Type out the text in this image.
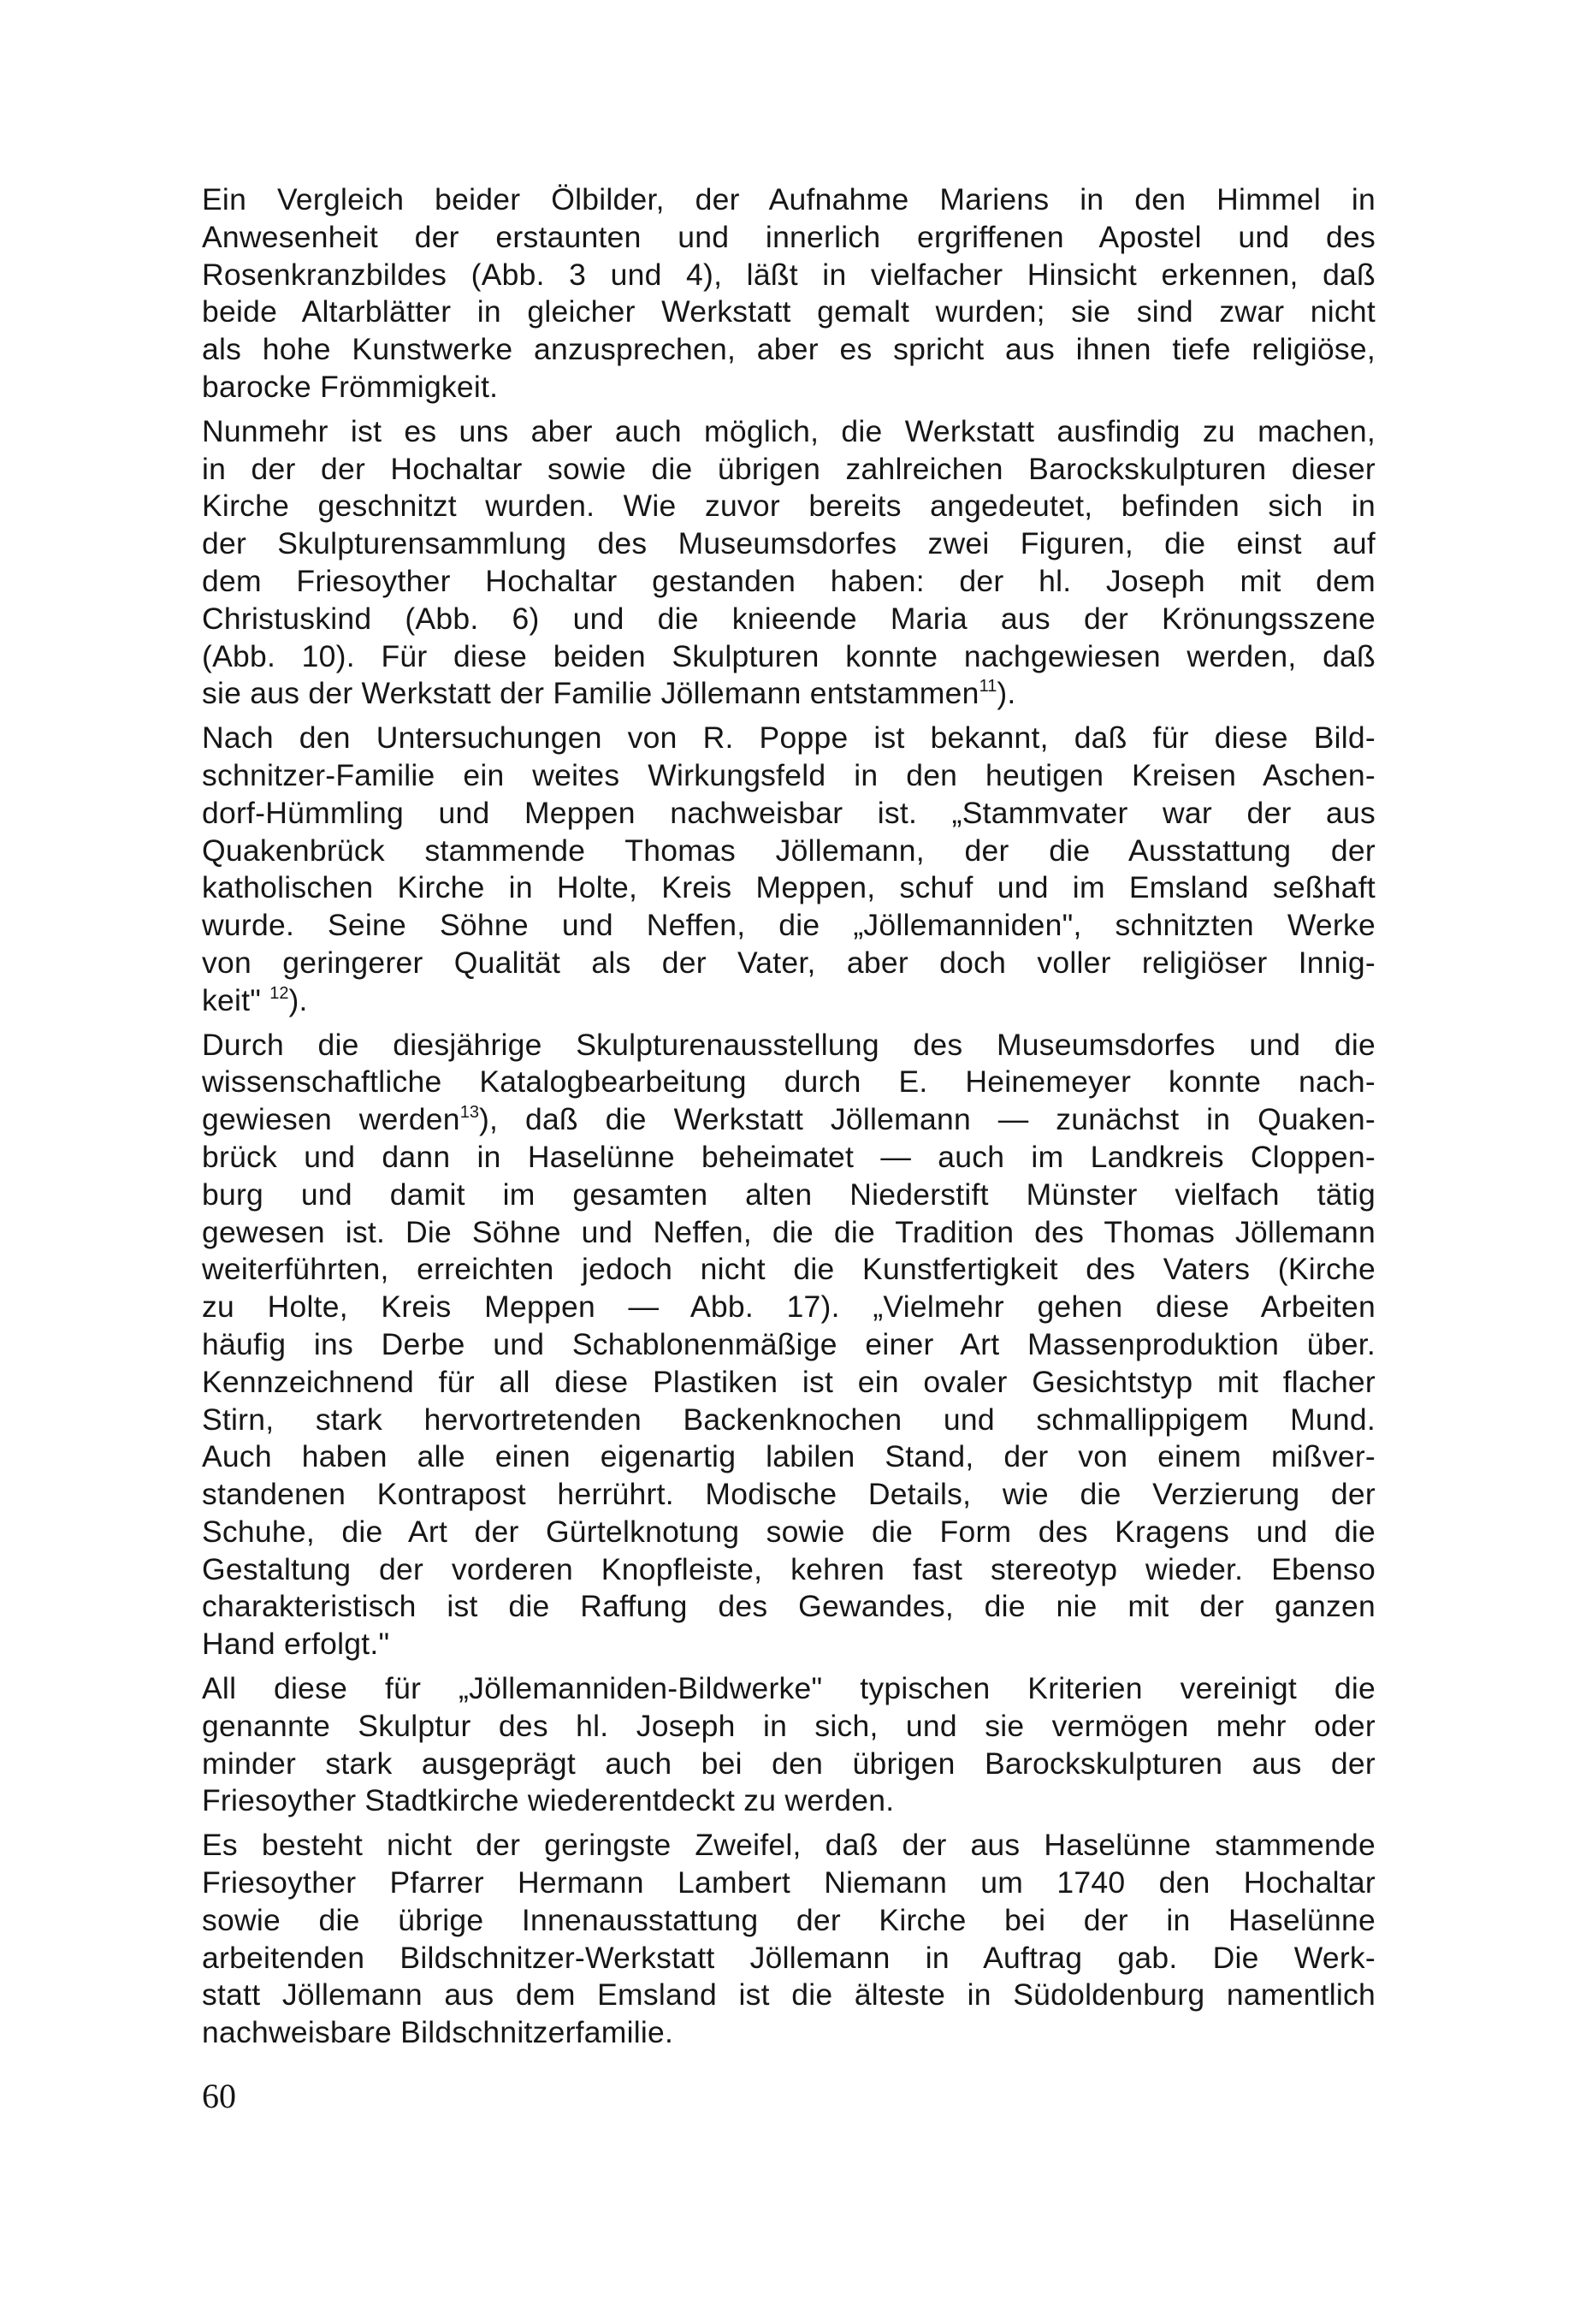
Ein Vergleich beider Ölbilder, der Aufnahme Mariens in den Himmel in
Anwesenheit der erstaunten und innerlich ergriffenen Apostel und des
Rosenkranzbildes (Abb. 3 und 4), läßt in vielfacher Hinsicht erkennen, daß
beide Altarblätter in gleicher Werkstatt gemalt wurden; sie sind zwar nicht
als hohe Kunstwerke anzusprechen, aber es spricht aus ihnen tiefe religiöse,
barocke Frömmigkeit.

Nunmehr ist es uns aber auch möglich, die Werkstatt ausfindig zu machen,
in der der Hochaltar sowie die übrigen zahlreichen Barockskulpturen dieser
Kirche geschnitzt wurden. Wie zuvor bereits angedeutet, befinden sich in
der Skulpturensammlung des Museumsdorfes zwei Figuren, die einst auf
dem Friesoyther Hochaltar gestanden haben: der hl. Joseph mit dem
Christuskind (Abb. 6) und die knieende Maria aus der Krönungsszene
(Abb. 10). Für diese beiden Skulpturen konnte nachgewiesen werden, daß
sie aus der Werkstatt der Familie Jöllemann entstammen$^{11}$).

Nach den Untersuchungen von R. Poppe ist bekannt, daß für diese Bild-
schnitzer-Familie ein weites Wirkungsfeld in den heutigen Kreisen Aschen-
dorf-Hümmling und Meppen nachweisbar ist. „Stammvater war der aus
Quakenbrück stammende Thomas Jöllemann, der die Ausstattung der
katholischen Kirche in Holte, Kreis Meppen, schuf und im Emsland seßhaft
wurde. Seine Söhne und Neffen, die „Jöllemanniden", schnitzten Werke
von geringerer Qualität als der Vater, aber doch voller religiöser Innig-
keit" $^{12}$).

Durch die diesjährige Skulpturenausstellung des Museumsdorfes und die
wissenschaftliche Katalogbearbeitung durch E. Heinemeyer konnte nach-
gewiesen werden$^{13}$), daß die Werkstatt Jöllemann — zunächst in Quaken-
brück und dann in Haselünne beheimatet — auch im Landkreis Cloppen-
burg und damit im gesamten alten Niederstift Münster vielfach tätig
gewesen ist. Die Söhne und Neffen, die die Tradition des Thomas Jöllemann
weiterführten, erreichten jedoch nicht die Kunstfertigkeit des Vaters (Kirche
zu Holte, Kreis Meppen — Abb. 17). „Vielmehr gehen diese Arbeiten
häufig ins Derbe und Schablonenmäßige einer Art Massenproduktion über.
Kennzeichnend für all diese Plastiken ist ein ovaler Gesichtstyp mit flacher
Stirn, stark hervortretenden Backenknochen und schmallippigem Mund.
Auch haben alle einen eigenartig labilen Stand, der von einem mißver-
standenen Kontrapost herrührt. Modische Details, wie die Verzierung der
Schuhe, die Art der Gürtelknotung sowie die Form des Kragens und die
Gestaltung der vorderen Knopfleiste, kehren fast stereotyp wieder. Ebenso
charakteristisch ist die Raffung des Gewandes, die nie mit der ganzen
Hand erfolgt."

All diese für „Jöllemanniden-Bildwerke" typischen Kriterien vereinigt die
genannte Skulptur des hl. Joseph in sich, und sie vermögen mehr oder
minder stark ausgeprägt auch bei den übrigen Barockskulpturen aus der
Friesoyther Stadtkirche wiederentdeckt zu werden.

Es besteht nicht der geringste Zweifel, daß der aus Haselünne stammende
Friesoyther Pfarrer Hermann Lambert Niemann um 1740 den Hochaltar
sowie die übrige Innenausstattung der Kirche bei der in Haselünne
arbeitenden Bildschnitzer-Werkstatt Jöllemann in Auftrag gab. Die Werk-
statt Jöllemann aus dem Emsland ist die älteste in Südoldenburg namentlich
nachweisbare Bildschnitzerfamilie.

60
